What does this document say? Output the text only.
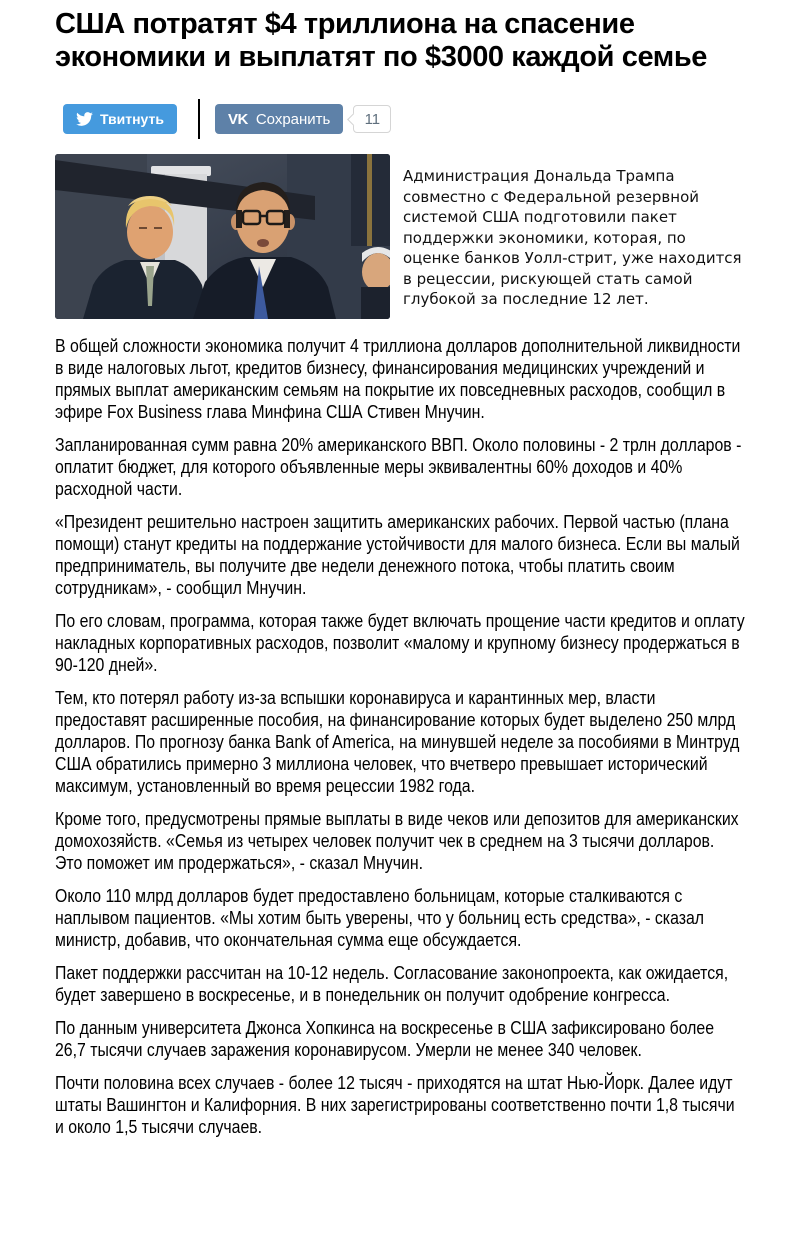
США потратят $4 триллиона на спасение экономики и выплатят по $3000 каждой семье
Твитнуть	VK Сохранить 11

Администрация Дональда Трампа совместно с Федеральной резервной системой США подготовили пакет поддержки экономики, которая, по оценке банков Уолл-стрит, уже находится в рецессии, рискующей стать самой глубокой за последние 12 лет.

В общей сложности экономика получит 4 триллиона долларов дополнительной ликвидности в виде налоговых льгот, кредитов бизнесу, финансирования медицинских учреждений и прямых выплат американским семьям на покрытие их повседневных расходов, сообщил в эфире Fox Business глава Минфина США Стивен Мнучин.

Запланированная сумм равна 20% американского ВВП. Около половины - 2 трлн долларов - оплатит бюджет, для которого объявленные меры эквивалентны 60% доходов и 40% расходной части.

«Президент решительно настроен защитить американских рабочих. Первой частью (плана помощи) станут кредиты на поддержание устойчивости для малого бизнеса. Если вы малый предприниматель, вы получите две недели денежного потока, чтобы платить своим сотрудникам», - сообщил Мнучин.

По его словам, программа, которая также будет включать прощение части кредитов и оплату накладных корпоративных расходов, позволит «малому и крупному бизнесу продержаться в 90-120 дней».

Тем, кто потерял работу из-за вспышки коронавируса и карантинных мер, власти предоставят расширенные пособия, на финансирование которых будет выделено 250 млрд долларов. По прогнозу банка Bank of America, на минувшей неделе за пособиями в Минтруд США обратились примерно 3 миллиона человек, что вчетверо превышает исторический максимум, установленный во время рецессии 1982 года.

Кроме того, предусмотрены прямые выплаты в виде чеков или депозитов для американских домохозяйств. «Семья из четырех человек получит чек в среднем на 3 тысячи долларов. Это поможет им продержаться», - сказал Мнучин.

Около 110 млрд долларов будет предоставлено больницам, которые сталкиваются с наплывом пациентов. «Мы хотим быть уверены, что у больниц есть средства», - сказал министр, добавив, что окончательная сумма еще обсуждается.

Пакет поддержки рассчитан на 10-12 недель. Согласование законопроекта, как ожидается, будет завершено в воскресенье, и в понедельник он получит одобрение конгресса.

По данным университета Джонса Хопкинса на воскресенье в США зафиксировано более 26,7 тысячи случаев заражения коронавирусом. Умерли не менее 340 человек.

Почти половина всех случаев - более 12 тысяч - приходятся на штат Нью-Йорк. Далее идут штаты Вашингтон и Калифорния. В них зарегистрированы соответственно почти 1,8 тысячи и около 1,5 тысячи случаев.
